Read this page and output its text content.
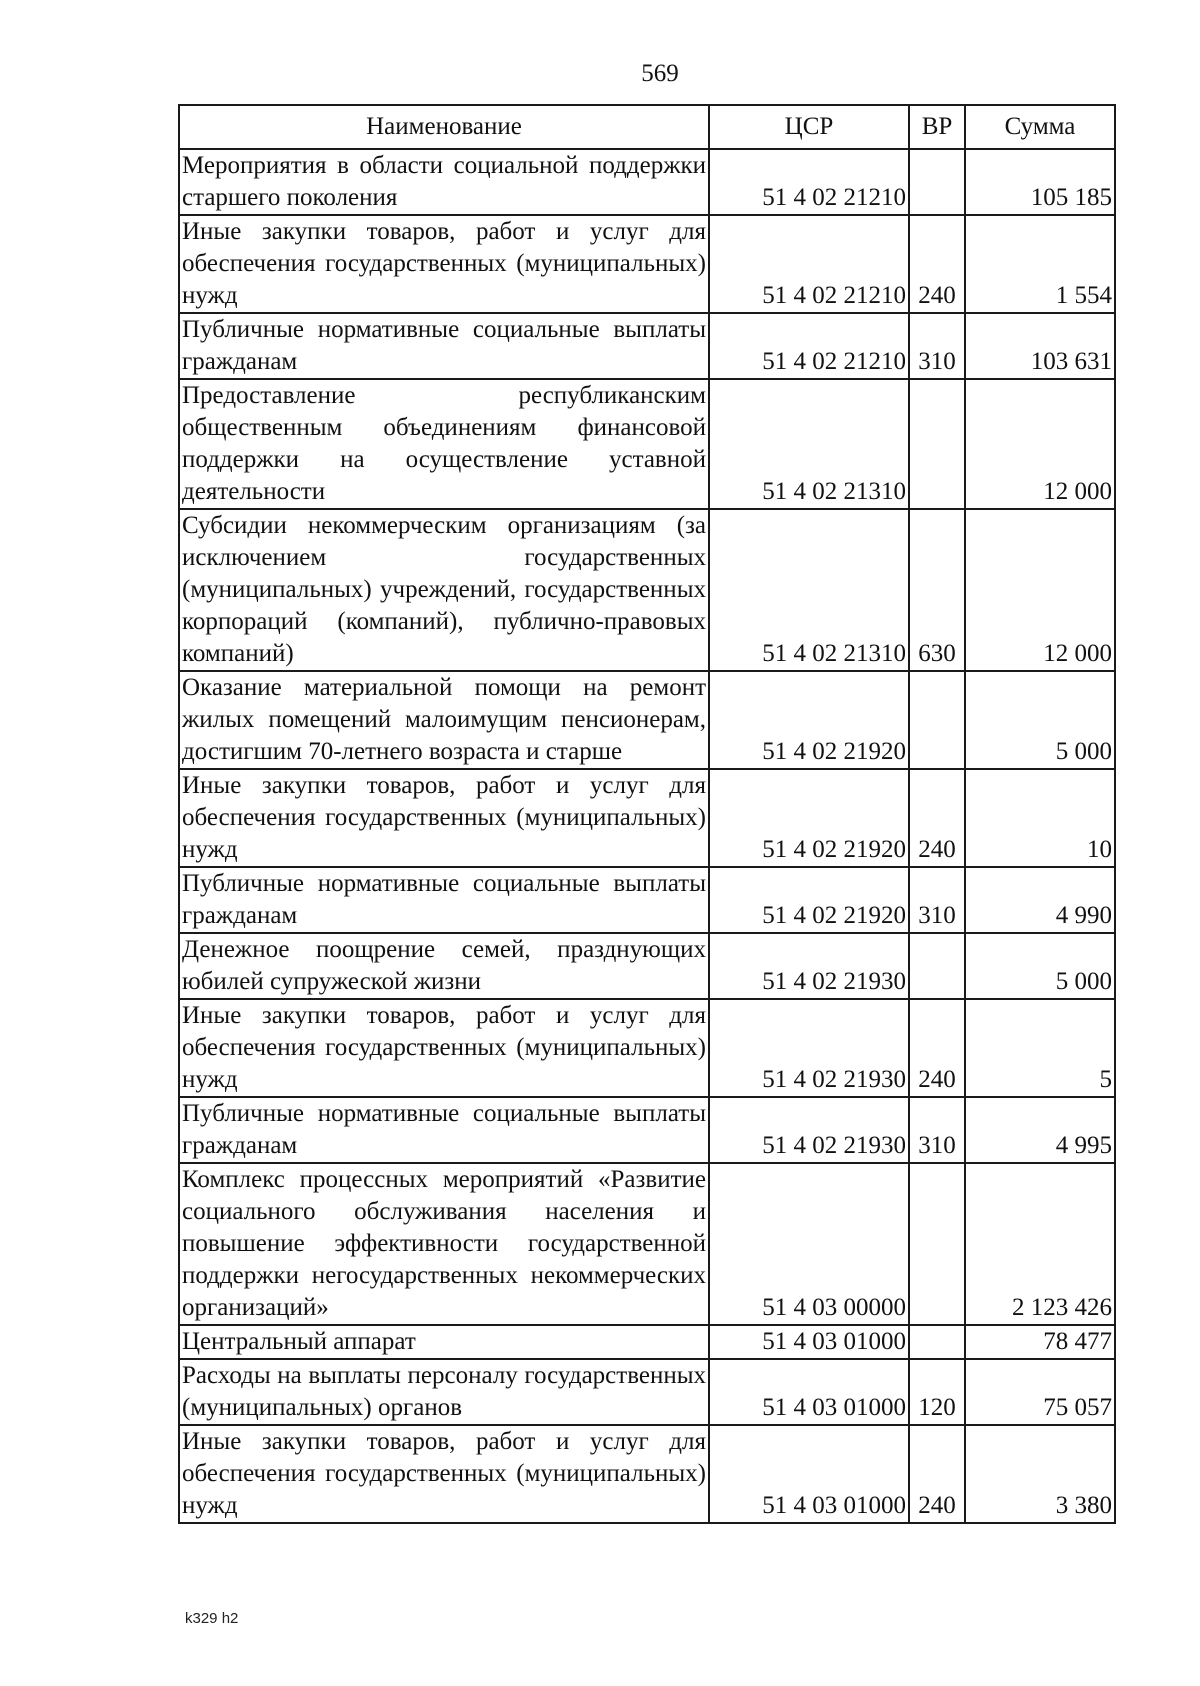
569
Наименование	ЦСР	ВР	Сумма
Мероприятия в области социальной поддержки старшего поколения	51 4 02 21210		105 185
Иные закупки товаров, работ и услуг для обеспечения государственных (муниципальных) нужд	51 4 02 21210	240	1 554
Публичные нормативные социальные выплаты гражданам	51 4 02 21210	310	103 631
Предоставление республиканским общественным объединениям финансовой поддержки на осуществление уставной деятельности	51 4 02 21310		12 000
Субсидии некоммерческим организациям (за исключением государственных (муниципальных) учреждений, государственных корпораций (компаний), публично-правовых компаний)	51 4 02 21310	630	12 000
Оказание материальной помощи на ремонт жилых помещений малоимущим пенсионерам, достигшим 70-летнего возраста и старше	51 4 02 21920		5 000
Иные закупки товаров, работ и услуг для обеспечения государственных (муниципальных) нужд	51 4 02 21920	240	10
Публичные нормативные социальные выплаты гражданам	51 4 02 21920	310	4 990
Денежное поощрение семей, празднующих юбилей супружеской жизни	51 4 02 21930		5 000
Иные закупки товаров, работ и услуг для обеспечения государственных (муниципальных) нужд	51 4 02 21930	240	5
Публичные нормативные социальные выплаты гражданам	51 4 02 21930	310	4 995
Комплекс процессных мероприятий «Развитие социального обслуживания населения и повышение эффективности государственной поддержки негосударственных некоммерческих организаций»	51 4 03 00000		2 123 426
Центральный аппарат	51 4 03 01000		78 477
Расходы на выплаты персоналу государственных (муниципальных) органов	51 4 03 01000	120	75 057
Иные закупки товаров, работ и услуг для обеспечения государственных (муниципальных) нужд	51 4 03 01000	240	3 380
k329 h2
